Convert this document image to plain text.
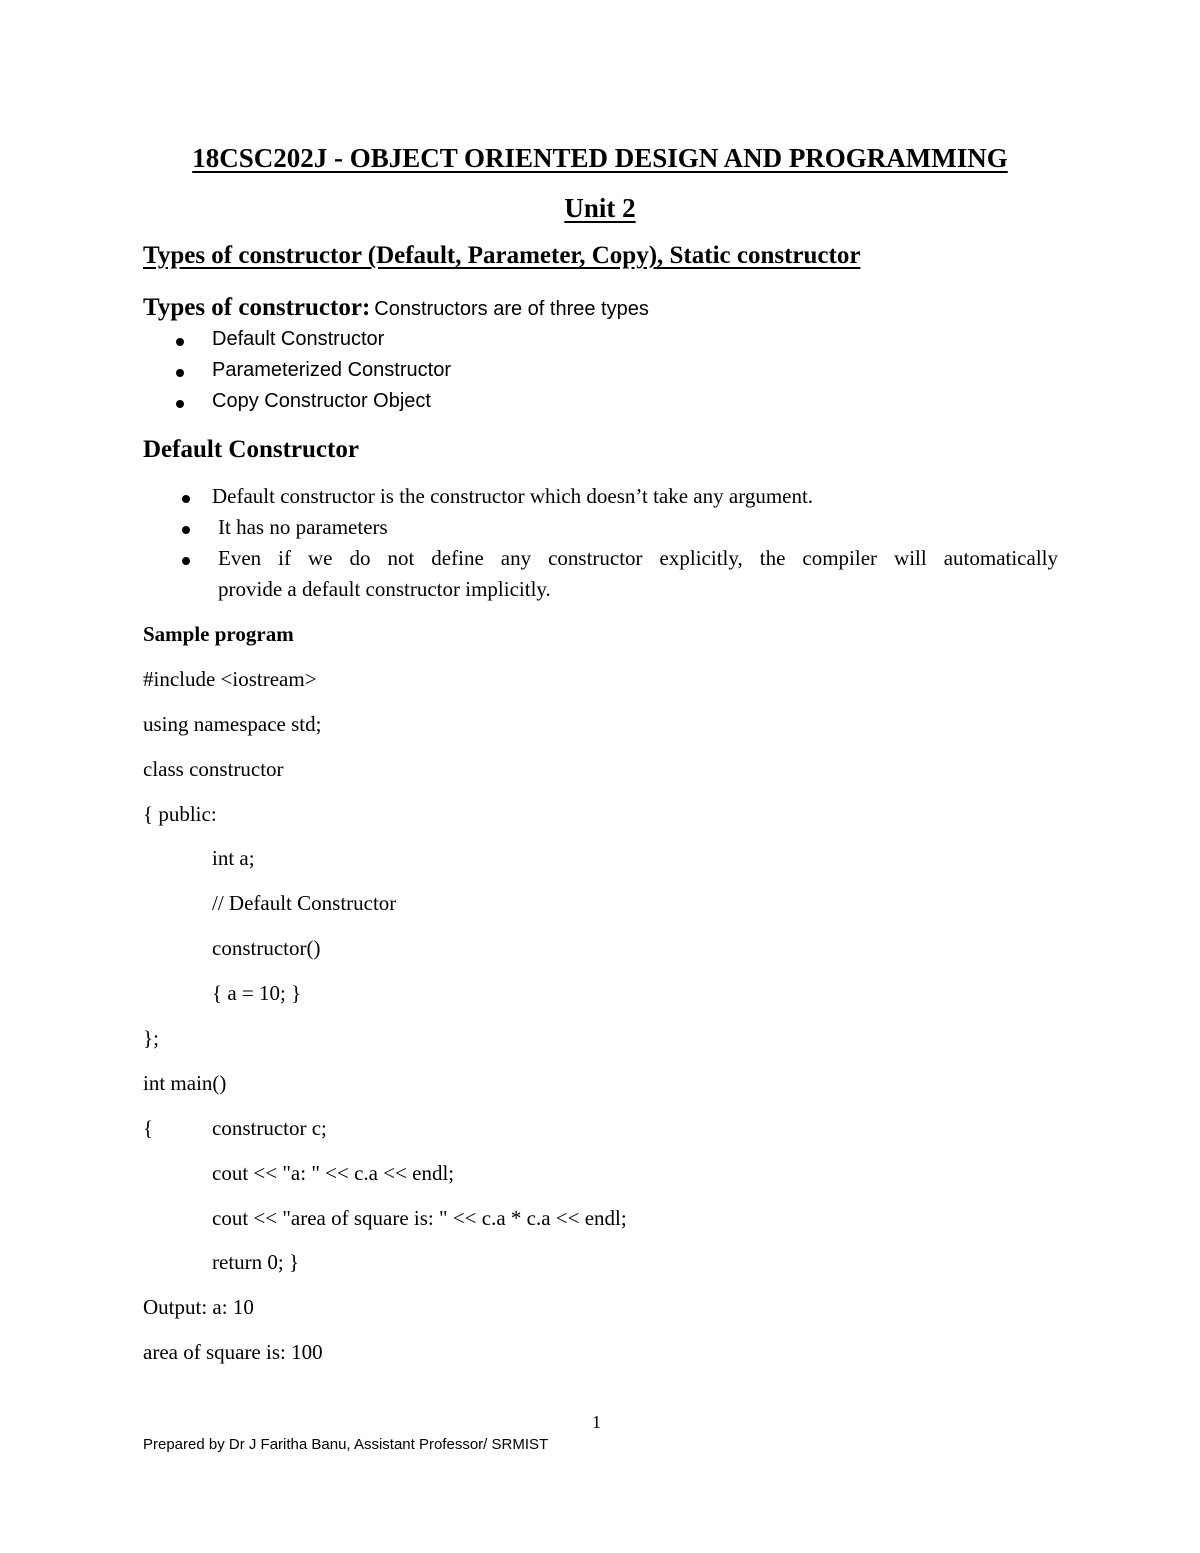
18CSC202J - OBJECT ORIENTED DESIGN AND PROGRAMMING
Unit 2
Types of constructor (Default, Parameter, Copy), Static constructor
Types of constructor: Constructors are of three types
Default Constructor
Parameterized Constructor
Copy Constructor Object
Default Constructor
Default constructor is the constructor which doesn’t take any argument.
It has no parameters
Even if we do not define any constructor explicitly, the compiler will automatically
provide a default constructor implicitly.
Sample program
#include <iostream>
using namespace std;
class constructor
{ public:
int a;
// Default Constructor
constructor()
{ a = 10; }
};
int main()
{	constructor c;
cout << "a: " << c.a << endl;
cout << "area of square is: " << c.a * c.a << endl;
return 0; }
Output: a: 10
area of square is: 100
1
Prepared by Dr J Faritha Banu, Assistant Professor/ SRMIST
